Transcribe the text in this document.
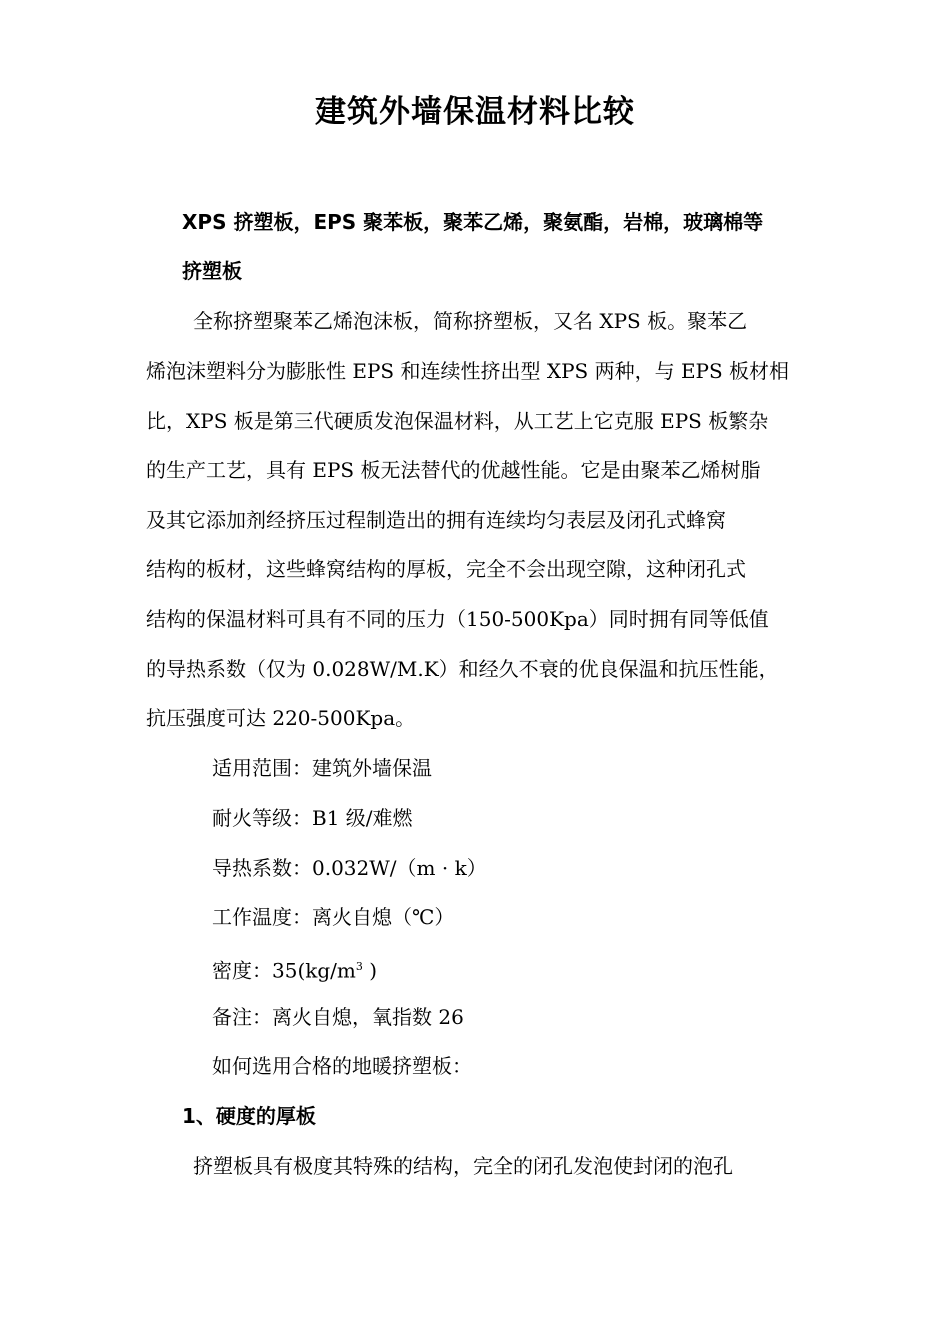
建筑外墙保温材料比较

XPS 挤塑板，EPS 聚苯板，聚苯乙烯，聚氨酯，岩棉，玻璃棉等

挤塑板

全称挤塑聚苯乙烯泡沫板，简称挤塑板，又名 XPS 板。聚苯乙

烯泡沫塑料分为膨胀性 EPS 和连续性挤出型 XPS 两种，与 EPS 板材相

比，XPS 板是第三代硬质发泡保温材料，从工艺上它克服 EPS 板繁杂

的生产工艺，具有 EPS 板无法替代的优越性能。它是由聚苯乙烯树脂

及其它添加剂经挤压过程制造出的拥有连续均匀表层及闭孔式蜂窝

结构的板材，这些蜂窝结构的厚板，完全不会出现空隙，这种闭孔式

结构的保温材料可具有不同的压力（150-500Kpa）同时拥有同等低值

的导热系数（仅为 0.028W/M.K）和经久不衰的优良保温和抗压性能，

抗压强度可达 220-500Kpa。

适用范围：建筑外墙保温

耐火等级：B1 级/难燃

导热系数：0.032W/（m · k）

工作温度：离火自熄（℃）

密度：$35(kg/m^3$ )

备注：离火自熄，氧指数 26

如何选用合格的地暖挤塑板：

1、硬度的厚板

挤塑板具有极度其特殊的结构，完全的闭孔发泡使封闭的泡孔
